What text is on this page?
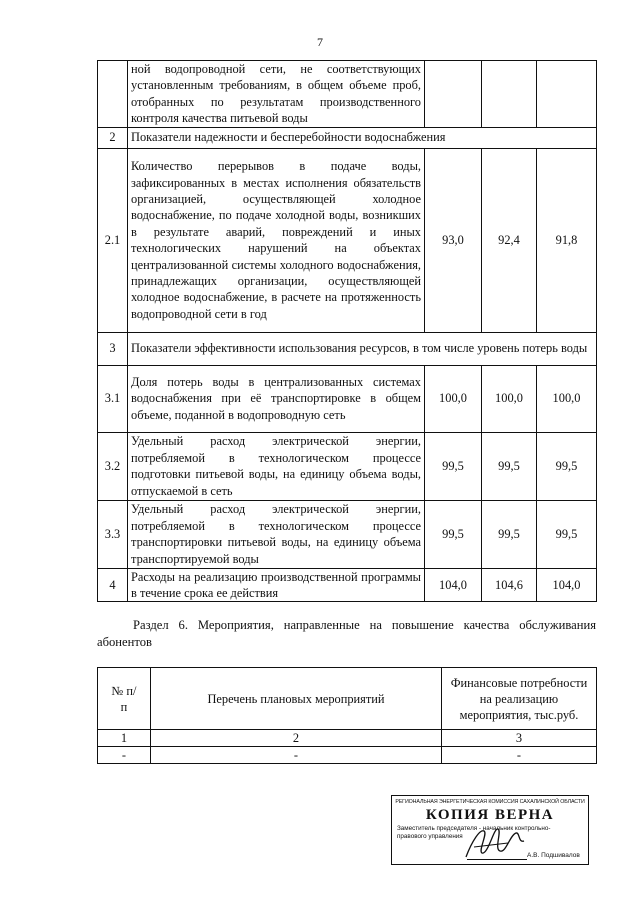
7
	ной водопроводной сети, не соответствующих установленным требованиям, в общем объеме проб, отобранных по результатам производственного контроля качества питьевой воды			
2	Показатели надежности и бесперебойности водоснабжения			
2.1	Количество перерывов в подаче воды, зафиксированных в местах исполнения обязательств организацией, осуществляющей холодное водоснабжение, по подаче холодной воды, возникших в результате аварий, повреждений и иных технологических нарушений на объектах централизованной системы холодного водоснабжения, принадлежащих организации, осуществляющей холодное водоснабжение, в расчете на протяженность водопроводной сети в год	93,0	92,4	91,8
3	Показатели эффективности использования ресурсов, в том числе уровень потерь воды			
3.1	Доля потерь воды в централизованных системах водоснабжения при её транспортировке в общем объеме, поданной в водопроводную сеть	100,0	100,0	100,0
3.2	Удельный расход электрической энергии, потребляемой в технологическом процессе подготовки питьевой воды, на единицу объема воды, отпускаемой в сеть	99,5	99,5	99,5
3.3	Удельный расход электрической энергии, потребляемой в технологическом процессе транспортировки питьевой воды, на единицу объема транспортируемой воды	99,5	99,5	99,5
4	Расходы на реализацию производственной программы в течение срока ее действия	104,0	104,6	104,0
Раздел 6. Мероприятия, направленные на повышение качества обслуживания абонентов
№ п/п	Перечень плановых мероприятий	Финансовые потребности на реализацию мероприятия, тыс.руб.
1	2	3
-	-	-
РЕГИОНАЛЬНАЯ ЭНЕРГЕТИЧЕСКАЯ КОМИССИЯ САХАЛИНСКОЙ ОБЛАСТИ
КОПИЯ ВЕРНА
Заместитель председателя - начальник контрольно-
правового управления
А.В. Подшивалов
